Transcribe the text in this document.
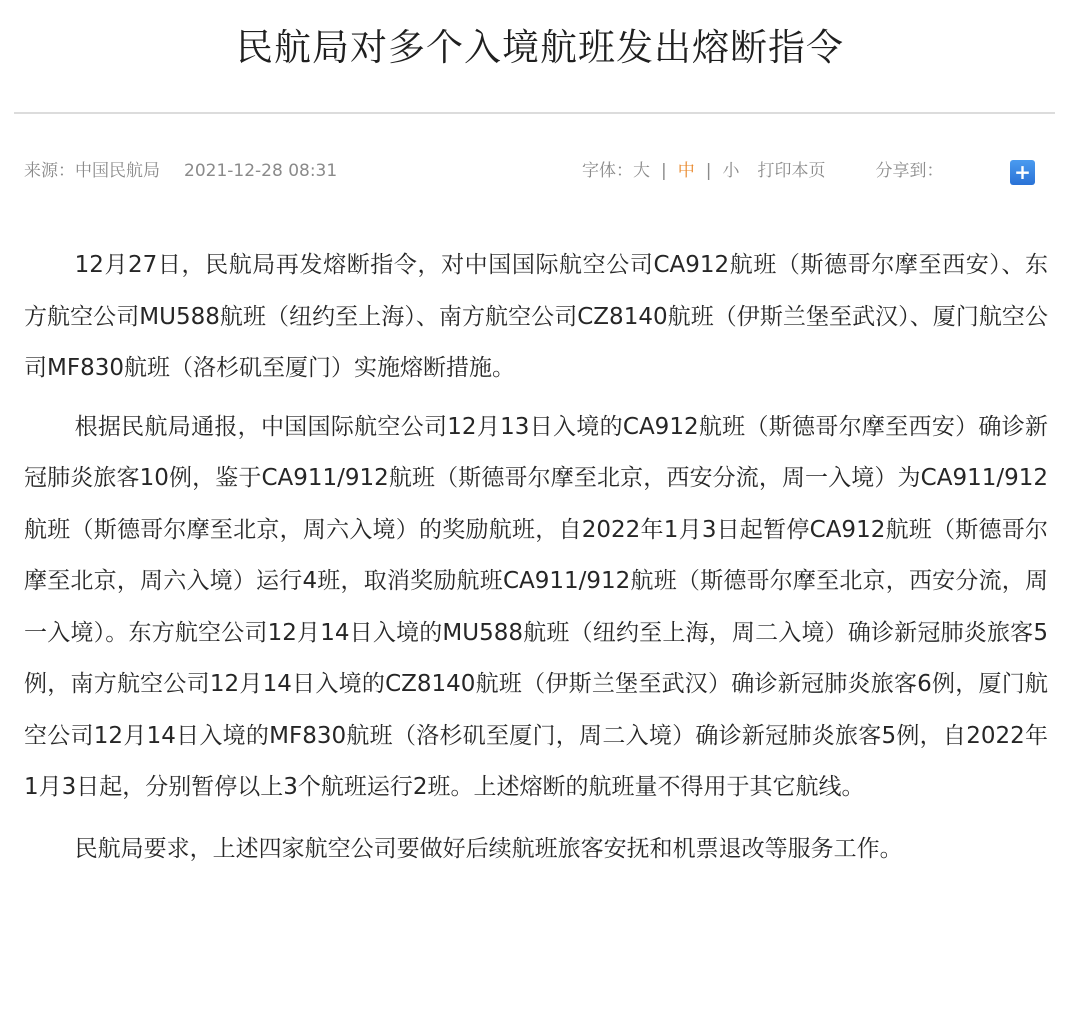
民航局对多个入境航班发出熔断指令
来源：中国民航局 2021-12-28 08:31	字体：大 | 中 | 小 打印本页	分享到：	+

12月27日，民航局再发熔断指令，对中国国际航空公司CA912航班（斯德哥尔摩至西安）、东方航空公司MU588航班（纽约至上海）、南方航空公司CZ8140航班（伊斯兰堡至武汉）、厦门航空公司MF830航班（洛杉矶至厦门）实施熔断措施。

根据民航局通报，中国国际航空公司12月13日入境的CA912航班（斯德哥尔摩至西安）确诊新冠肺炎旅客10例，鉴于CA911/912航班（斯德哥尔摩至北京，西安分流，周一入境）为CA911/912航班（斯德哥尔摩至北京，周六入境）的奖励航班，自2022年1月3日起暂停CA912航班（斯德哥尔摩至北京，周六入境）运行4班，取消奖励航班CA911/912航班（斯德哥尔摩至北京，西安分流，周一入境）。东方航空公司12月14日入境的MU588航班（纽约至上海，周二入境）确诊新冠肺炎旅客5例，南方航空公司12月14日入境的CZ8140航班（伊斯兰堡至武汉）确诊新冠肺炎旅客6例，厦门航空公司12月14日入境的MF830航班（洛杉矶至厦门，周二入境）确诊新冠肺炎旅客5例，自2022年1月3日起，分别暂停以上3个航班运行2班。上述熔断的航班量不得用于其它航线。

民航局要求，上述四家航空公司要做好后续航班旅客安抚和机票退改等服务工作。
